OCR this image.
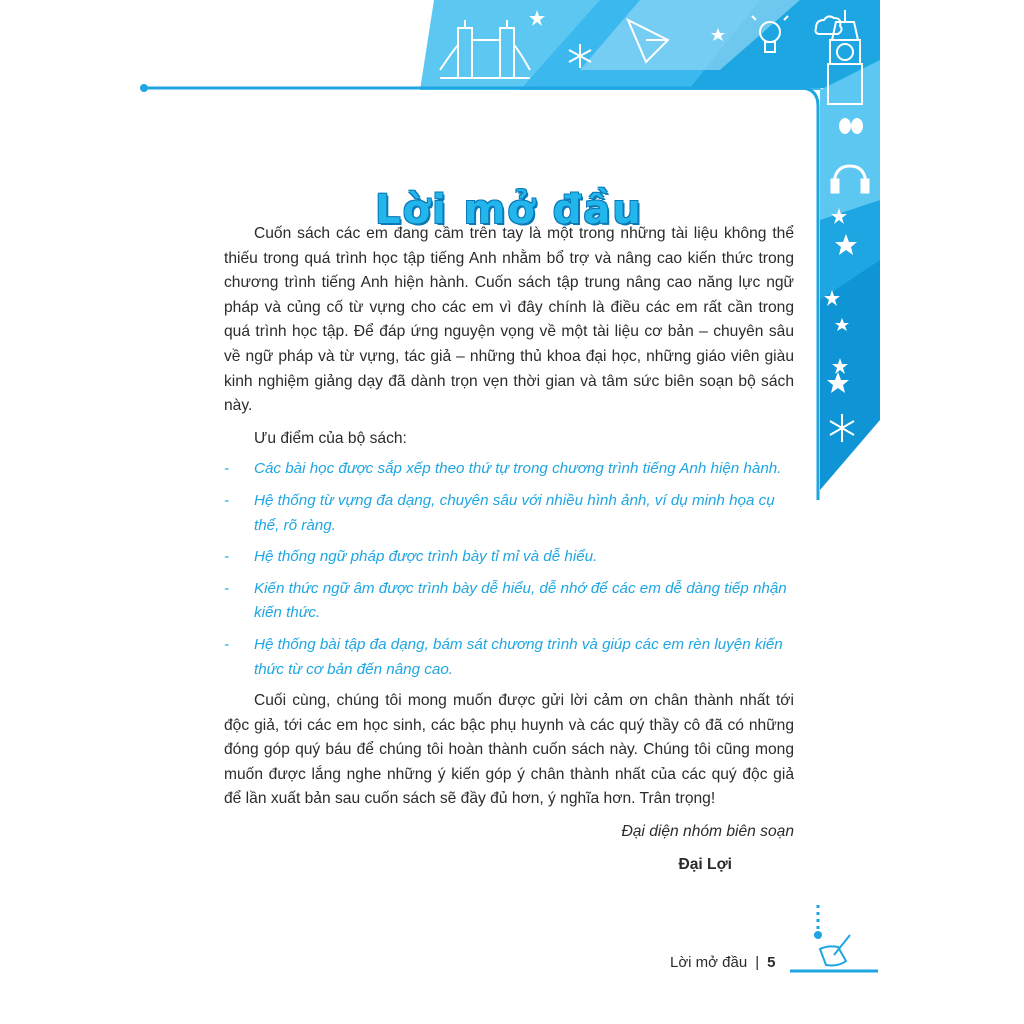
Lời mở đầu

Cuốn sách các em đang cầm trên tay là một trong những tài liệu không thể thiếu trong quá trình học tập tiếng Anh nhằm bổ trợ và nâng cao kiến thức trong chương trình tiếng Anh hiện hành. Cuốn sách tập trung nâng cao năng lực ngữ pháp và củng cố từ vựng cho các em vì đây chính là điều các em rất cần trong quá trình học tập. Để đáp ứng nguyện vọng về một tài liệu cơ bản – chuyên sâu về ngữ pháp và từ vựng, tác giả – những thủ khoa đại học, những giáo viên giàu kinh nghiệm giảng dạy đã dành trọn vẹn thời gian và tâm sức biên soạn bộ sách này.

Ưu điểm của bộ sách:

- Các bài học được sắp xếp theo thứ tự trong chương trình tiếng Anh hiện hành.
- Hệ thống từ vựng đa dạng, chuyên sâu với nhiều hình ảnh, ví dụ minh họa cụ thể, rõ ràng.
- Hệ thống ngữ pháp được trình bày tỉ mỉ và dễ hiểu.
- Kiến thức ngữ âm được trình bày dễ hiểu, dễ nhớ để các em dễ dàng tiếp nhận kiến thức.
- Hệ thống bài tập đa dạng, bám sát chương trình và giúp các em rèn luyện kiến thức từ cơ bản đến nâng cao.

Cuối cùng, chúng tôi mong muốn được gửi lời cảm ơn chân thành nhất tới độc giả, tới các em học sinh, các bậc phụ huynh và các quý thầy cô đã có những đóng góp quý báu để chúng tôi hoàn thành cuốn sách này. Chúng tôi cũng mong muốn được lắng nghe những ý kiến góp ý chân thành nhất của các quý độc giả để lần xuất bản sau cuốn sách sẽ đầy đủ hơn, ý nghĩa hơn. Trân trọng!

Đại diện nhóm biên soạn

Đại Lợi

Lời mở đầu | 5
